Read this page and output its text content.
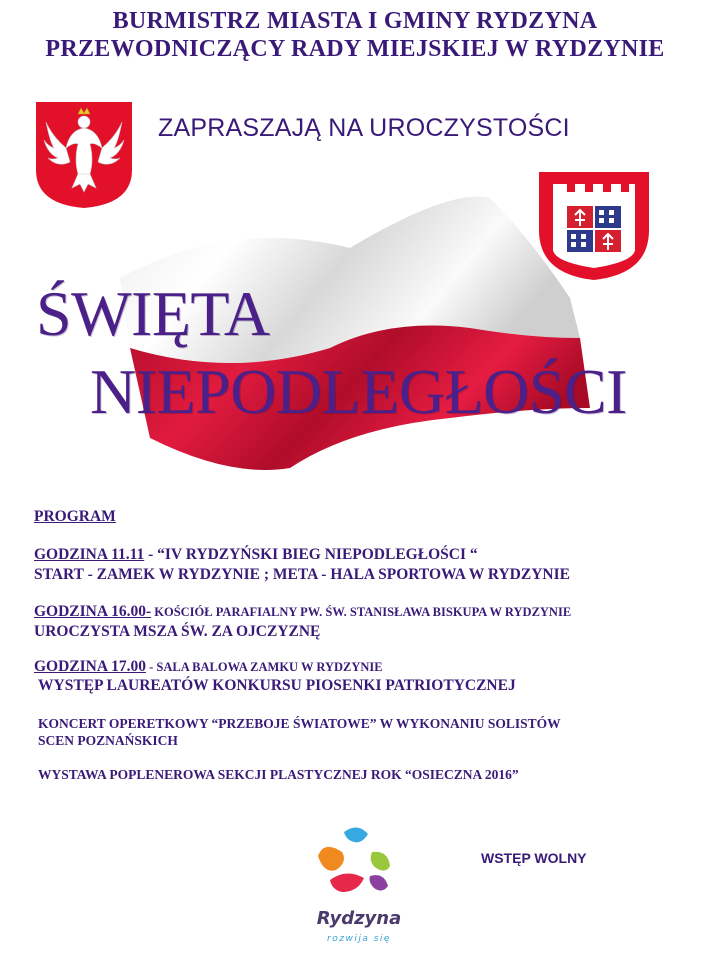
BURMISTRZ MIASTA I GMINY RYDZYNA
PRZEWODNICZĄCY RADY MIEJSKIEJ W RYDZYNIE
ZAPRASZAJĄ NA UROCZYSTOŚCI
ŚWIĘTA
NIEPODLEGŁOŚCI
PROGRAM
GODZINA 11.11 - “IV RYDZYŃSKI BIEG NIEPODLEGŁOŚCI “
START - ZAMEK W RYDZYNIE ; META - HALA SPORTOWA W RYDZYNIE
GODZINA 16.00- KOŚCIÓŁ PARAFIALNY PW. ŚW. STANISŁAWA BISKUPA W RYDZYNIE
UROCZYSTA MSZA ŚW. ZA OJCZYZNĘ
GODZINA 17.00 - SALA BALOWA ZAMKU W RYDZYNIE
WYSTĘP LAUREATÓW KONKURSU PIOSENKI PATRIOTYCZNEJ
KONCERT OPERETKOWY “PRZEBOJE ŚWIATOWE” W WYKONANIU SOLISTÓW
SCEN POZNAŃSKICH
WYSTAWA POPLENEROWA SEKCJI PLASTYCZNEJ ROK “OSIECZNA 2016”
WSTĘP WOLNY
Rydzyna
rozwija się
